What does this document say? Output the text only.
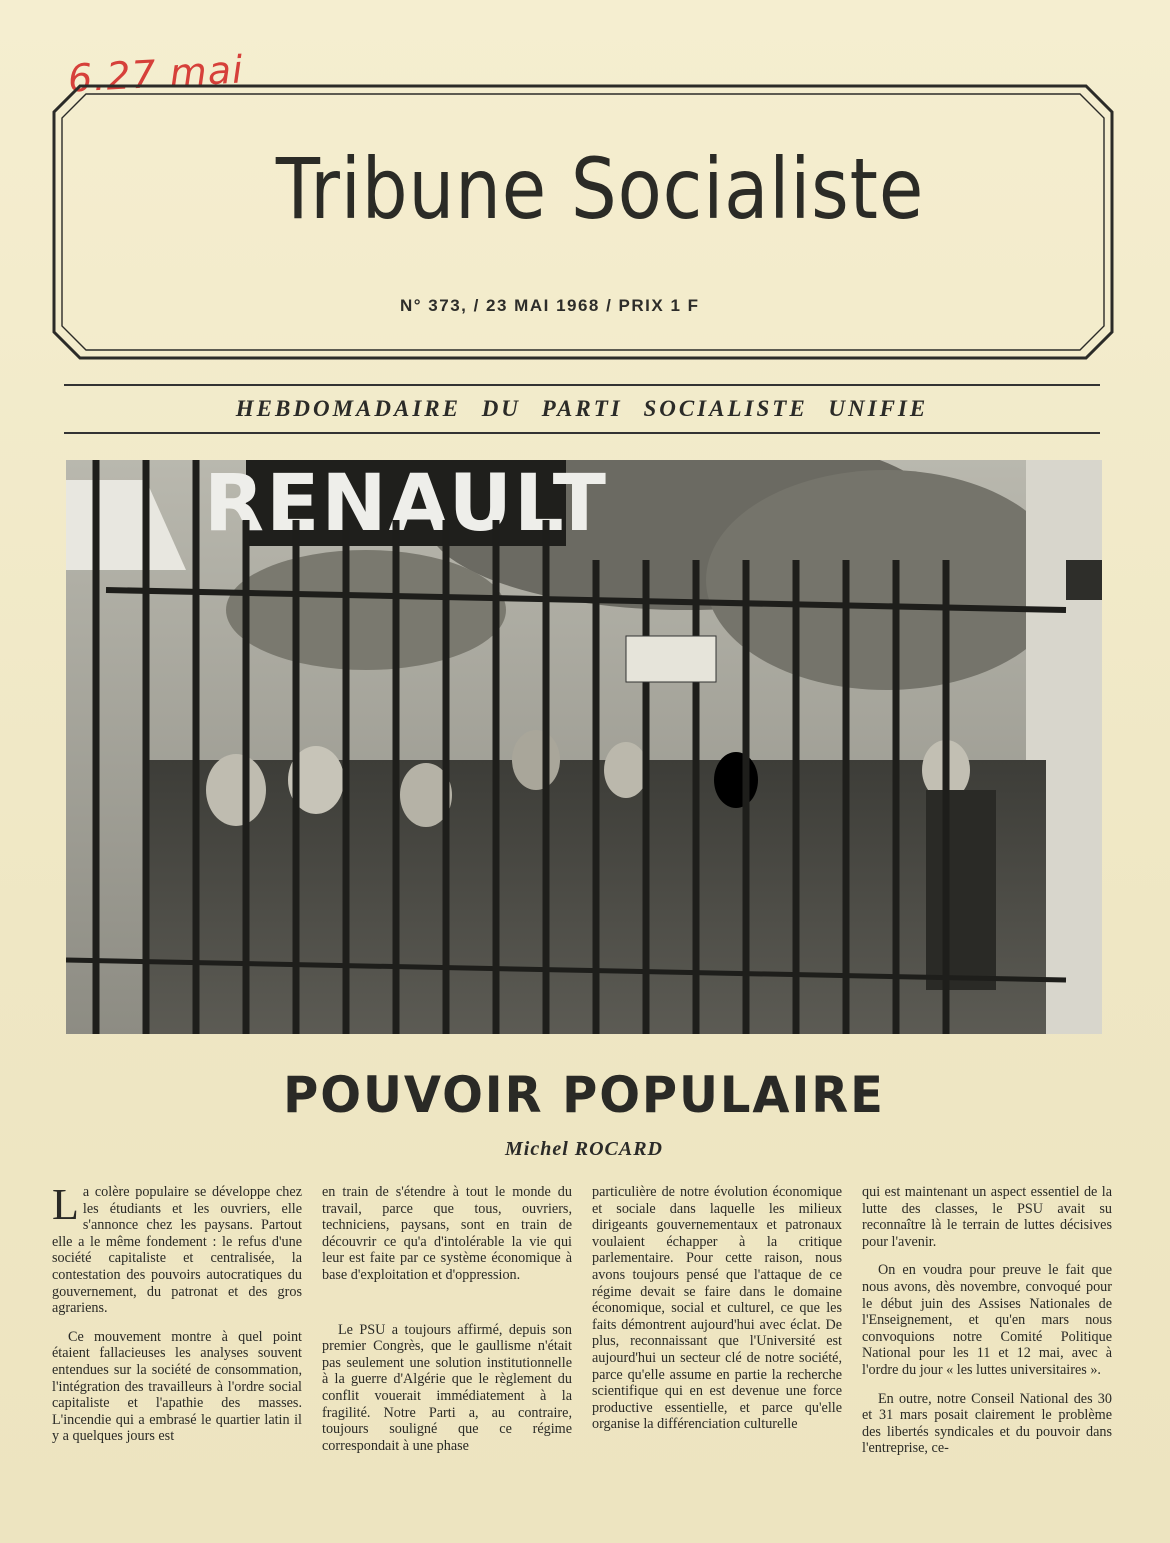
6.27 mai
Tribune Socialiste
N° 373, / 23 MAI 1968 / PRIX 1 F
HEBDOMADAIRE DU PARTI SOCIALISTE UNIFIE
RENAULT
POUVOIR POPULAIRE
Michel ROCARD

La colère populaire se développe chez les étudiants et les ouvriers, elle s'annonce chez les paysans. Partout elle a le même fondement : le refus d'une société capitaliste et centralisée, la contestation des pouvoirs autocratiques du gouvernement, du patronat et des gros agrariens.

Ce mouvement montre à quel point étaient fallacieuses les analyses souvent entendues sur la société de consommation, l'intégration des travailleurs à l'ordre social capitaliste et l'apathie des masses. L'incendie qui a embrasé le quartier latin il y a quelques jours est

en train de s'étendre à tout le monde du travail, parce que tous, ouvriers, techniciens, paysans, sont en train de découvrir ce qu'a d'intolérable la vie qui leur est faite par ce système économique à base d'exploitation et d'oppression.

Le PSU a toujours affirmé, depuis son premier Congrès, que le gaullisme n'était pas seulement une solution institutionnelle à la guerre d'Algérie que le règlement du conflit vouerait immédiatement à la fragilité. Notre Parti a, au contraire, toujours souligné que ce régime correspondait à une phase

particulière de notre évolution économique et sociale dans laquelle les milieux dirigeants gouvernementaux et patronaux voulaient échapper à la critique parlementaire. Pour cette raison, nous avons toujours pensé que l'attaque de ce régime devait se faire dans le domaine économique, social et culturel, ce que les faits démontrent aujourd'hui avec éclat. De plus, reconnaissant que l'Université est aujourd'hui un secteur clé de notre société, parce qu'elle assume en partie la recherche scientifique qui en est devenue une force productive essentielle, et parce qu'elle organise la différenciation culturelle

qui est maintenant un aspect essentiel de la lutte des classes, le PSU avait su reconnaître là le terrain de luttes décisives pour l'avenir.

On en voudra pour preuve le fait que nous avons, dès novembre, convoqué pour le début juin des Assises Nationales de l'Enseignement, et qu'en mars nous convoquions notre Comité Politique National pour les 11 et 12 mai, avec à l'ordre du jour « les luttes universitaires ».

En outre, notre Conseil National des 30 et 31 mars posait clairement le problème des libertés syndicales et du pouvoir dans l'entreprise, ce-
